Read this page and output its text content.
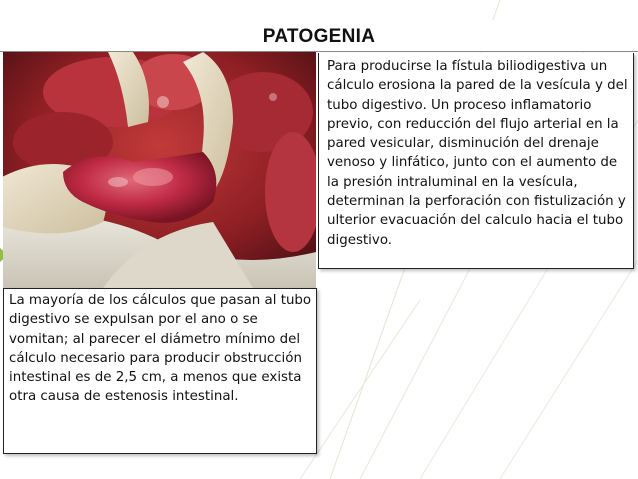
PATOGENIA
Para producirse la fístula biliodigestiva un cálculo erosiona la pared de la vesícula y del tubo digestivo. Un proceso inflamatorio previo, con reducción del flujo arterial en la pared vesicular, disminución del drenaje venoso y linfático, junto con el aumento de la presión intraluminal en la vesícula, determinan la perforación con fistulización y ulterior evacuación del calculo hacia el tubo digestivo.
La mayoría de los cálculos que pasan al tubo digestivo se expulsan por el ano o se vomitan; al parecer el diámetro mínimo del cálculo necesario para producir obstrucción intestinal es de 2,5 cm, a menos que exista otra causa de estenosis intestinal.
